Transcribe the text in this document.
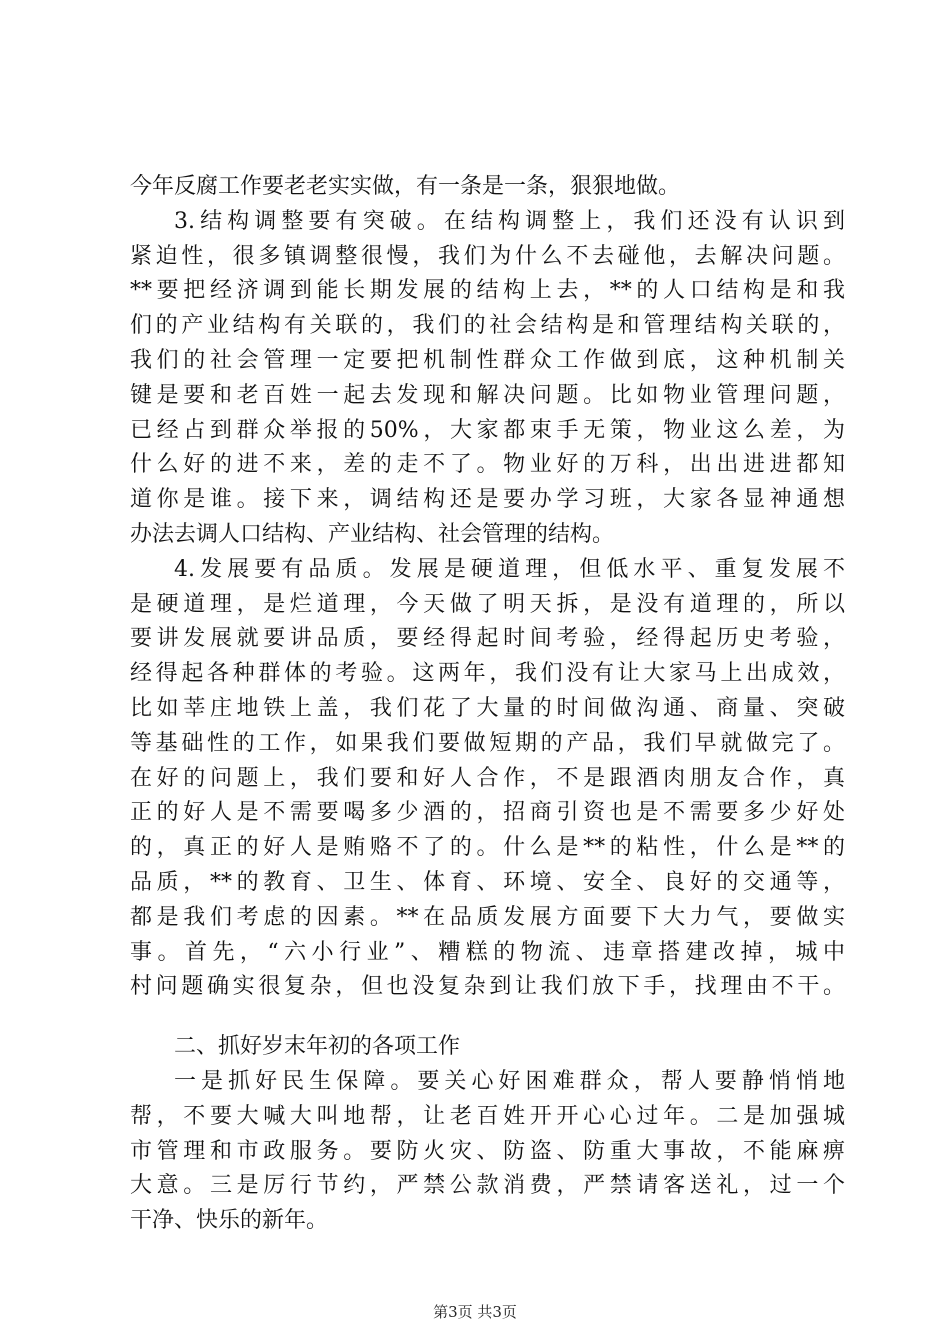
今年反腐工作要老老实实做，有一条是一条，狠狠地做。
3.结构调整要有突破。在结构调整上，我们还没有认识到
紧迫性，很多镇调整很慢，我们为什么不去碰他，去解决问题。
**要把经济调到能长期发展的结构上去，**的人口结构是和我
们的产业结构有关联的，我们的社会结构是和管理结构关联的，
我们的社会管理一定要把机制性群众工作做到底，这种机制关
键是要和老百姓一起去发现和解决问题。比如物业管理问题，
已经占到群众举报的50%，大家都束手无策，物业这么差，为
什么好的进不来，差的走不了。物业好的万科，出出进进都知
道你是谁。接下来，调结构还是要办学习班，大家各显神通想
办法去调人口结构、产业结构、社会管理的结构。
4.发展要有品质。发展是硬道理，但低水平、重复发展不
是硬道理，是烂道理，今天做了明天拆，是没有道理的，所以
要讲发展就要讲品质，要经得起时间考验，经得起历史考验，
经得起各种群体的考验。这两年，我们没有让大家马上出成效，
比如莘庄地铁上盖，我们花了大量的时间做沟通、商量、突破
等基础性的工作，如果我们要做短期的产品，我们早就做完了。
在好的问题上，我们要和好人合作，不是跟酒肉朋友合作，真
正的好人是不需要喝多少酒的，招商引资也是不需要多少好处
的，真正的好人是贿赂不了的。什么是**的粘性，什么是**的
品质，**的教育、卫生、体育、环境、安全、良好的交通等，
都是我们考虑的因素。**在品质发展方面要下大力气，要做实
事。首先，“六小行业”、糟糕的物流、违章搭建改掉，城中
村问题确实很复杂，但也没复杂到让我们放下手，找理由不干。
二、抓好岁末年初的各项工作
一是抓好民生保障。要关心好困难群众，帮人要静悄悄地
帮，不要大喊大叫地帮，让老百姓开开心心过年。二是加强城
市管理和市政服务。要防火灾、防盗、防重大事故，不能麻痹
大意。三是厉行节约，严禁公款消费，严禁请客送礼，过一个
干净、快乐的新年。
第3页 共3页
